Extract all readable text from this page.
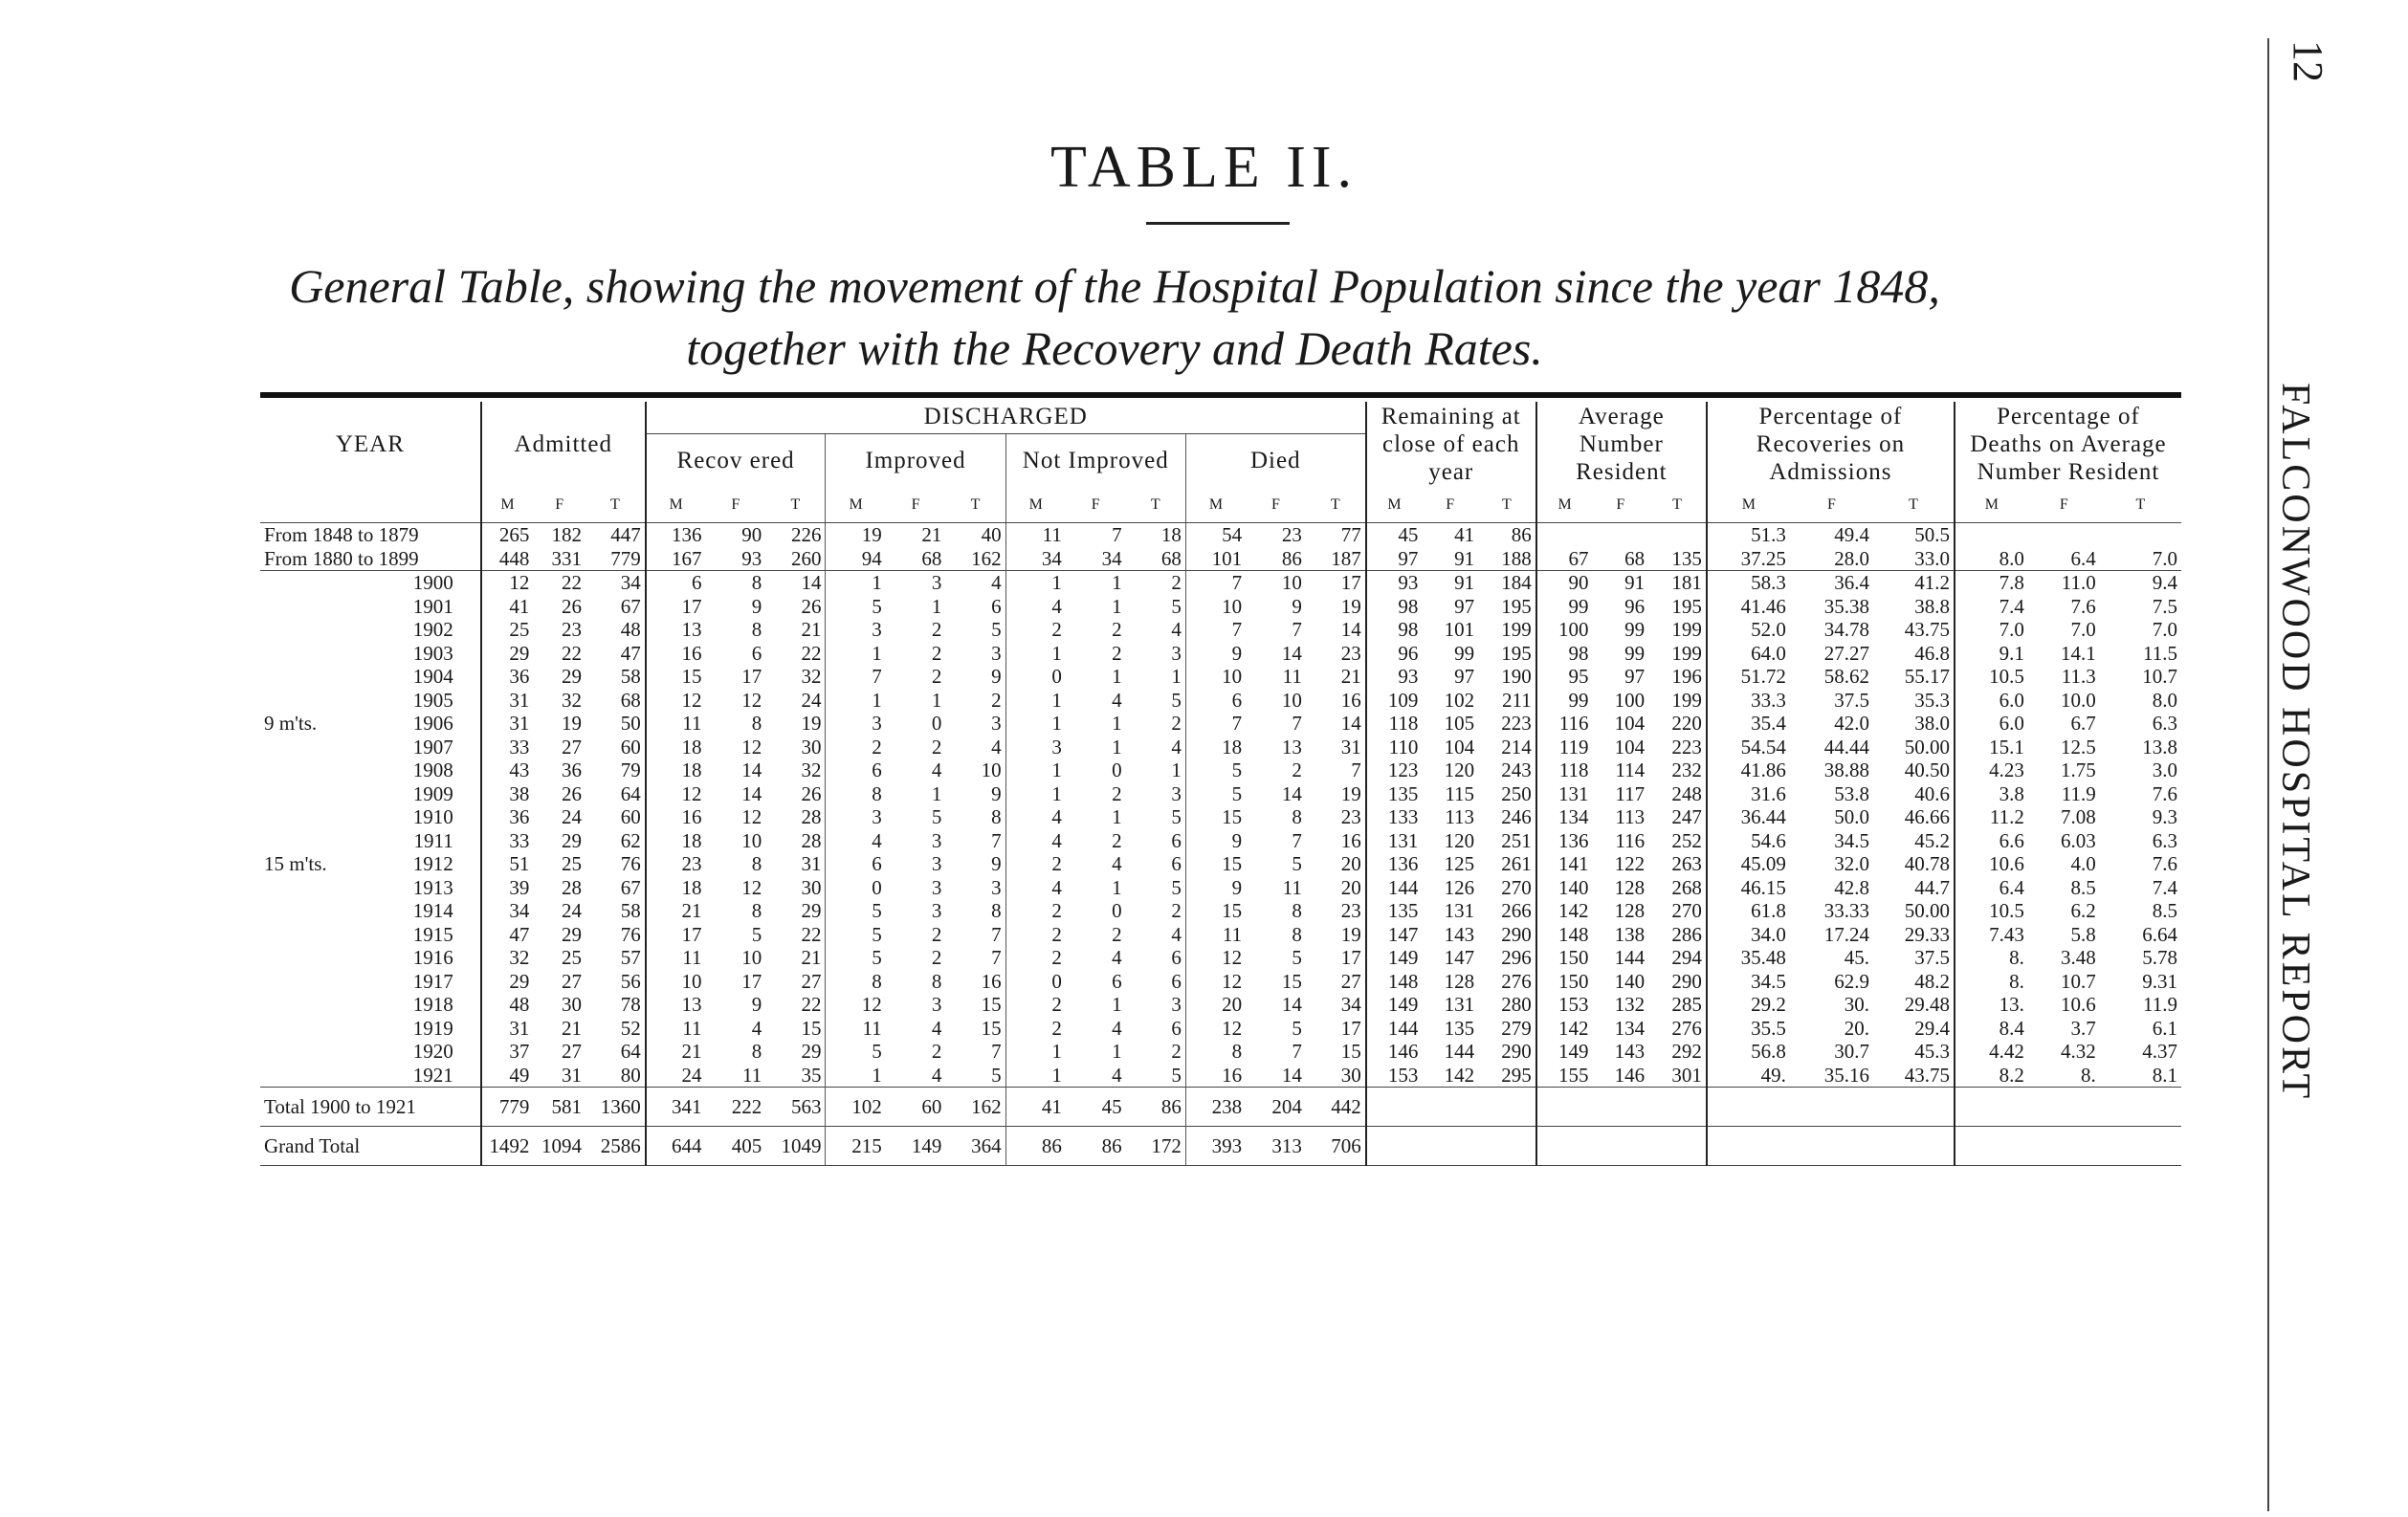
TABLE II.
General Table, showing the movement of the Hospital Population since the year 1848,
together with the Recovery and Death Rates.
12
FALCONWOOD HOSPITAL REPORT
YEAR		Admitted			DISCHARGED												Remaining at close of each year			Average Number Resident			Percentage of Recoveries on Admissions			Percentage of Deaths on Average Number Resident		
					Recov ered			Improved			Not Improved			Died														

		M	F	T	M	F	T	M	F	T	M	F	T	M	F	T	M	F	T	M	F	T	M	F	T	M	F	T
From 1848 to 1879		265	182	447	136	90	226	19	21	40	11	7	18	54	23	77	45	41	86				51.3	49.4	50.5			
From 1880 to 1899		448	331	779	167	93	260	94	68	162	34	34	68	101	86	187	97	91	188	67	68	135	37.25	28.0	33.0	8.0	6.4	7.0
	1900	12	22	34	6	8	14	1	3	4	1	1	2	7	10	17	93	91	184	90	91	181	58.3	36.4	41.2	7.8	11.0	9.4
	1901	41	26	67	17	9	26	5	1	6	4	1	5	10	9	19	98	97	195	99	96	195	41.46	35.38	38.8	7.4	7.6	7.5
	1902	25	23	48	13	8	21	3	2	5	2	2	4	7	7	14	98	101	199	100	99	199	52.0	34.78	43.75	7.0	7.0	7.0
	1903	29	22	47	16	6	22	1	2	3	1	2	3	9	14	23	96	99	195	98	99	199	64.0	27.27	46.8	9.1	14.1	11.5
	1904	36	29	58	15	17	32	7	2	9	0	1	1	10	11	21	93	97	190	95	97	196	51.72	58.62	55.17	10.5	11.3	10.7
	1905	31	32	68	12	12	24	1	1	2	1	4	5	6	10	16	109	102	211	99	100	199	33.3	37.5	35.3	6.0	10.0	8.0
9 m'ts.	1906	31	19	50	11	8	19	3	0	3	1	1	2	7	7	14	118	105	223	116	104	220	35.4	42.0	38.0	6.0	6.7	6.3
	1907	33	27	60	18	12	30	2	2	4	3	1	4	18	13	31	110	104	214	119	104	223	54.54	44.44	50.00	15.1	12.5	13.8
	1908	43	36	79	18	14	32	6	4	10	1	0	1	5	2	7	123	120	243	118	114	232	41.86	38.88	40.50	4.23	1.75	3.0
	1909	38	26	64	12	14	26	8	1	9	1	2	3	5	14	19	135	115	250	131	117	248	31.6	53.8	40.6	3.8	11.9	7.6
	1910	36	24	60	16	12	28	3	5	8	4	1	5	15	8	23	133	113	246	134	113	247	36.44	50.0	46.66	11.2	7.08	9.3
	1911	33	29	62	18	10	28	4	3	7	4	2	6	9	7	16	131	120	251	136	116	252	54.6	34.5	45.2	6.6	6.03	6.3
15 m'ts.	1912	51	25	76	23	8	31	6	3	9	2	4	6	15	5	20	136	125	261	141	122	263	45.09	32.0	40.78	10.6	4.0	7.6
	1913	39	28	67	18	12	30	0	3	3	4	1	5	9	11	20	144	126	270	140	128	268	46.15	42.8	44.7	6.4	8.5	7.4
	1914	34	24	58	21	8	29	5	3	8	2	0	2	15	8	23	135	131	266	142	128	270	61.8	33.33	50.00	10.5	6.2	8.5
	1915	47	29	76	17	5	22	5	2	7	2	2	4	11	8	19	147	143	290	148	138	286	34.0	17.24	29.33	7.43	5.8	6.64
	1916	32	25	57	11	10	21	5	2	7	2	4	6	12	5	17	149	147	296	150	144	294	35.48	45.	37.5	8.	3.48	5.78
	1917	29	27	56	10	17	27	8	8	16	0	6	6	12	15	27	148	128	276	150	140	290	34.5	62.9	48.2	8.	10.7	9.31
	1918	48	30	78	13	9	22	12	3	15	2	1	3	20	14	34	149	131	280	153	132	285	29.2	30.	29.48	13.	10.6	11.9
	1919	31	21	52	11	4	15	11	4	15	2	4	6	12	5	17	144	135	279	142	134	276	35.5	20.	29.4	8.4	3.7	6.1
	1920	37	27	64	21	8	29	5	2	7	1	1	2	8	7	15	146	144	290	149	143	292	56.8	30.7	45.3	4.42	4.32	4.37
	1921	49	31	80	24	11	35	1	4	5	1	4	5	16	14	30	153	142	295	155	146	301	49.	35.16	43.75	8.2	8.	8.1
Total 1900 to 1921		779	581	1360	341	222	563	102	60	162	41	45	86	238	204	442												
Grand Total		1492	1094	2586	644	405	1049	215	149	364	86	86	172	393	313	706												
